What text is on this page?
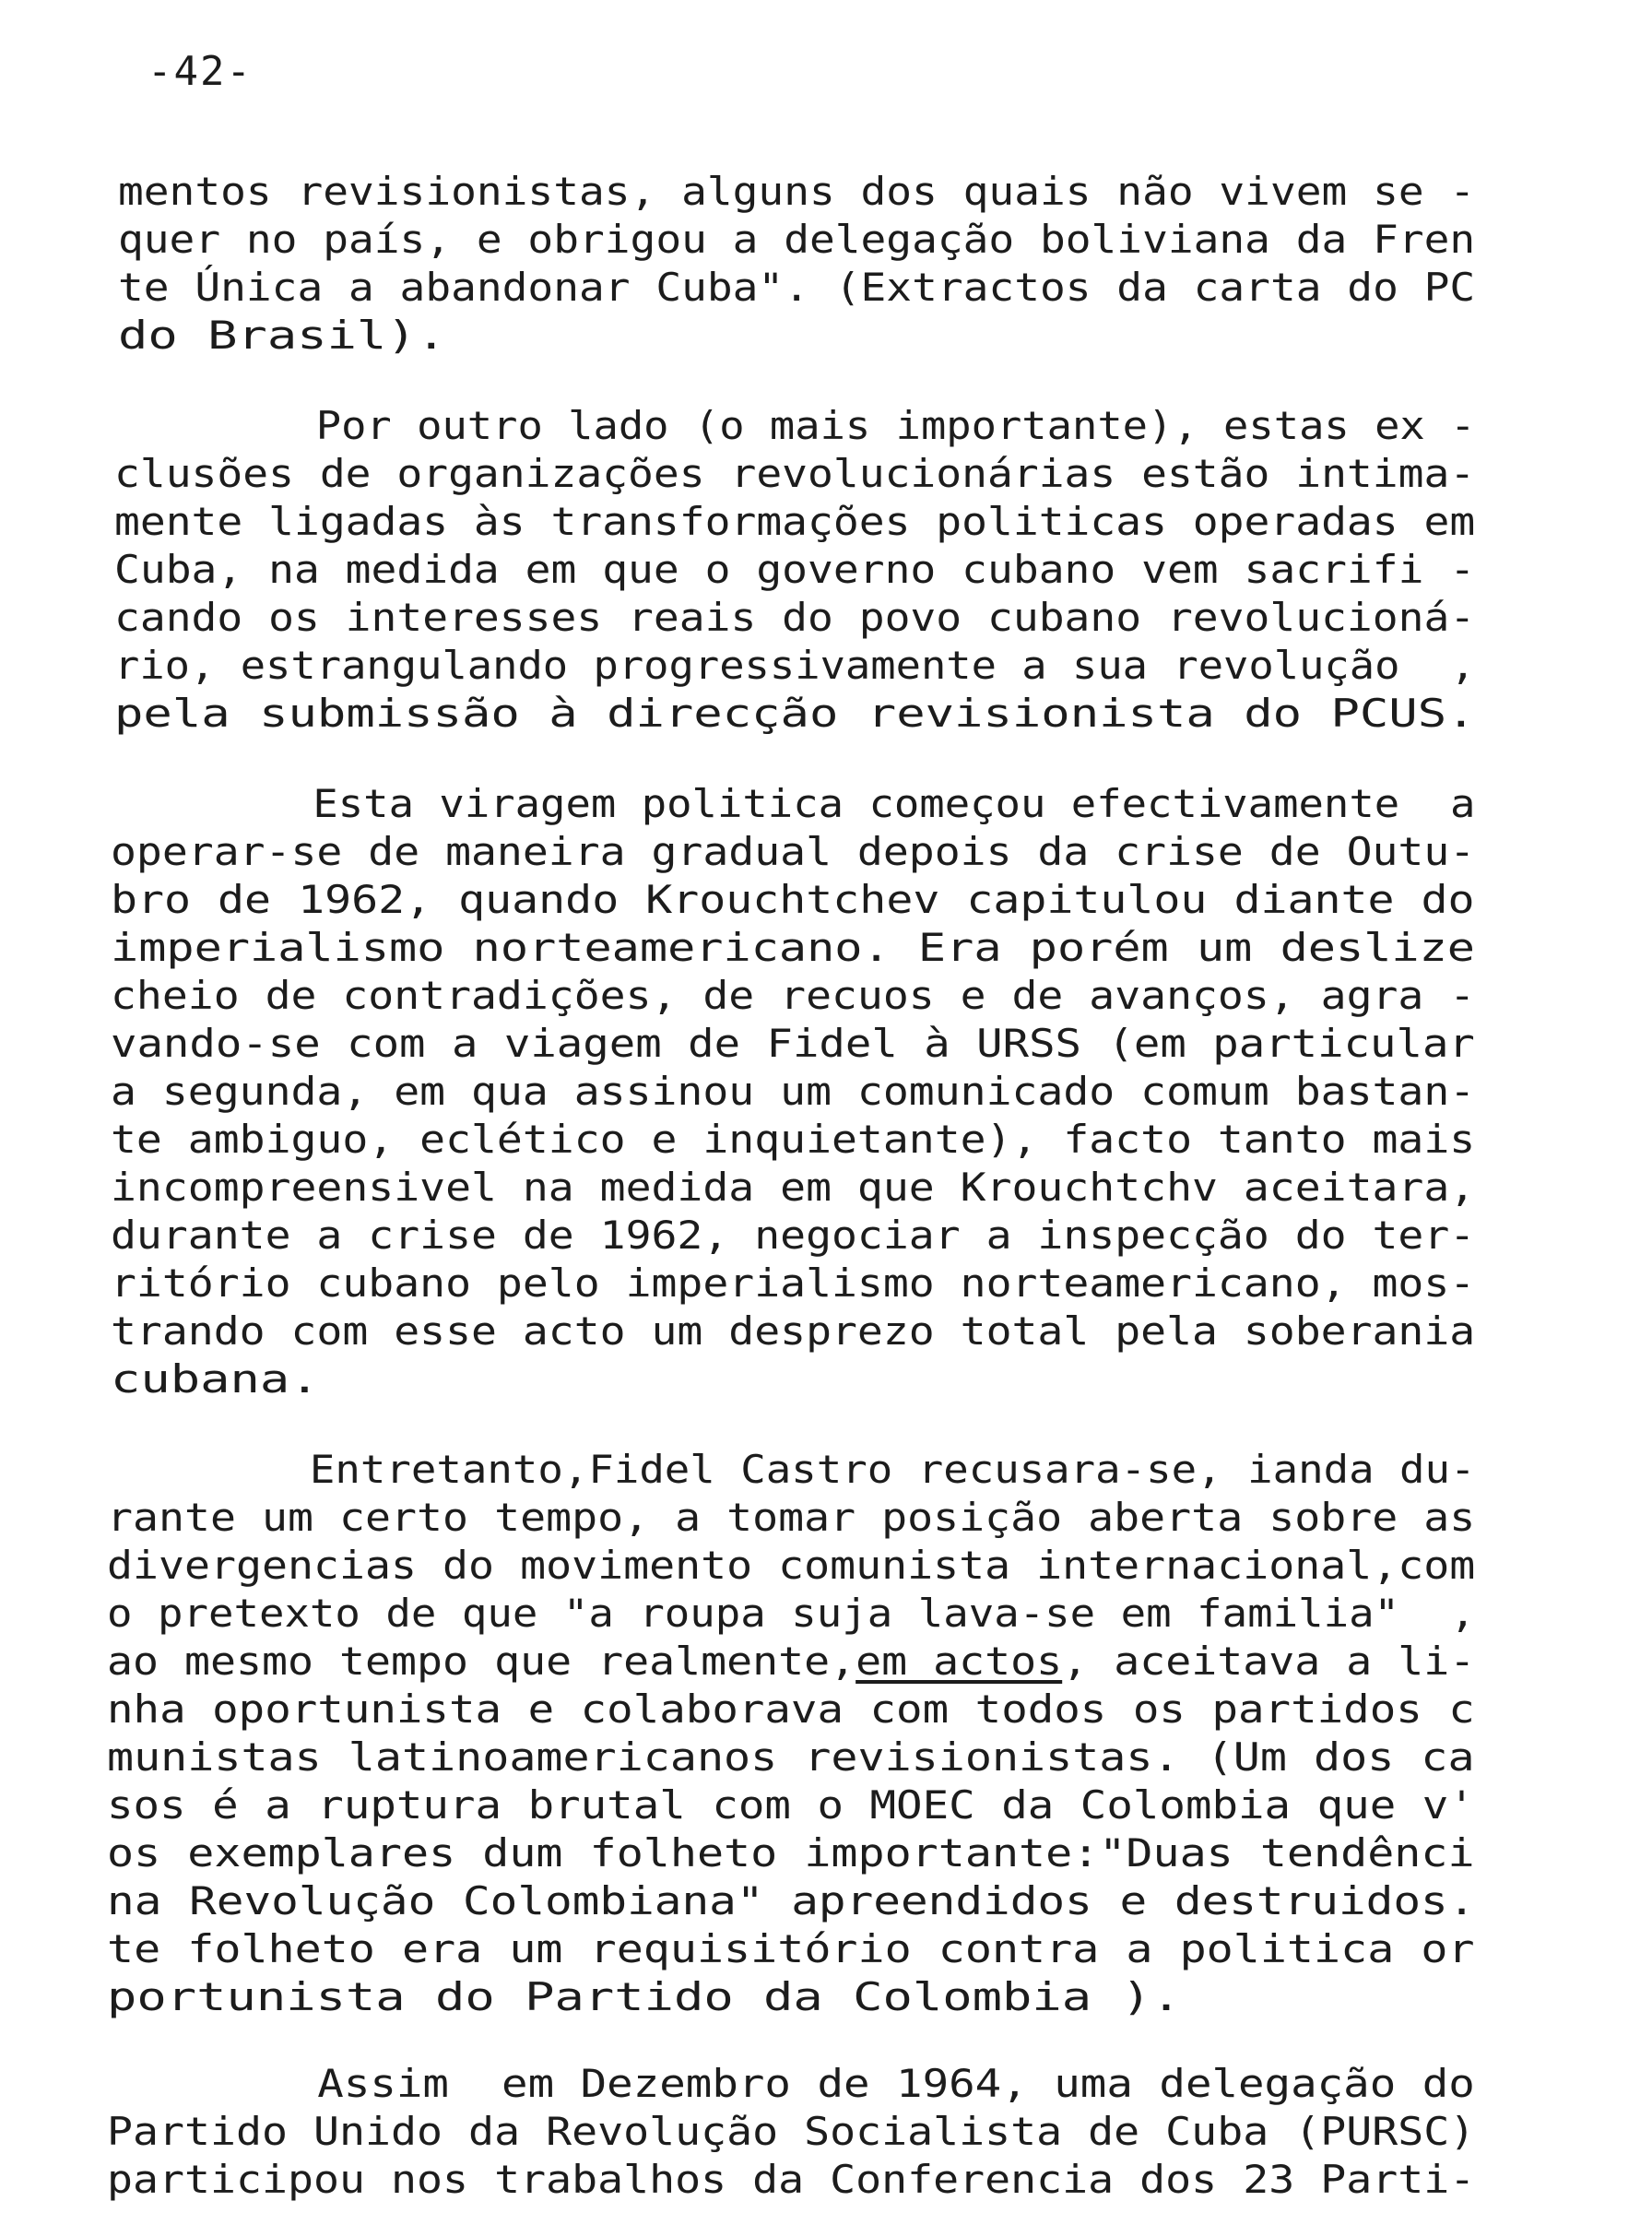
-42-
mentos revisionistas, alguns dos quais não vivem se -
quer no país, e obrigou a delegação boliviana da Fren
te Única a abandonar Cuba". (Extractos da carta do PC
do Brasil).
Por outro lado (o mais importante), estas ex -
clusões de organizações revolucionárias estão intima-
mente ligadas às transformações politicas operadas em
Cuba, na medida em que o governo cubano vem sacrifi -
cando os interesses reais do povo cubano revolucioná-
rio, estrangulando progressivamente a sua revolução  ,
pela submissão à direcção revisionista do PCUS.
Esta viragem politica começou efectivamente  a
operar-se de maneira gradual depois da crise de Outu-
bro de 1962, quando Krouchtchev capitulou diante do
imperialismo norteamericano. Era porém um deslize
cheio de contradições, de recuos e de avanços, agra -
vando-se com a viagem de Fidel à URSS (em particular
a segunda, em qua assinou um comunicado comum bastan-
te ambiguo, eclético e inquietante), facto tanto mais
incompreensivel na medida em que Krouchtchv aceitara,
durante a crise de 1962, negociar a inspecção do ter-
ritório cubano pelo imperialismo norteamericano, mos-
trando com esse acto um desprezo total pela soberania
cubana.
Entretanto,Fidel Castro recusara-se, ianda du-
rante um certo tempo, a tomar posição aberta sobre as
divergencias do movimento comunista internacional,com
o pretexto de que "a roupa suja lava-se em familia"  ,
ao mesmo tempo que realmente,em actos, aceitava a li-
nha oportunista e colaborava com todos os partidos c
munistas latinoamericanos revisionistas. (Um dos ca
sos é a ruptura brutal com o MOEC da Colombia que v'
os exemplares dum folheto importante:"Duas tendênci
na Revolução Colombiana" apreendidos e destruidos.
te folheto era um requisitório contra a politica or
portunista do Partido da Colombia ).
Assim  em Dezembro de 1964, uma delegação do
Partido Unido da Revolução Socialista de Cuba (PURSC)
participou nos trabalhos da Conferencia dos 23 Parti-
